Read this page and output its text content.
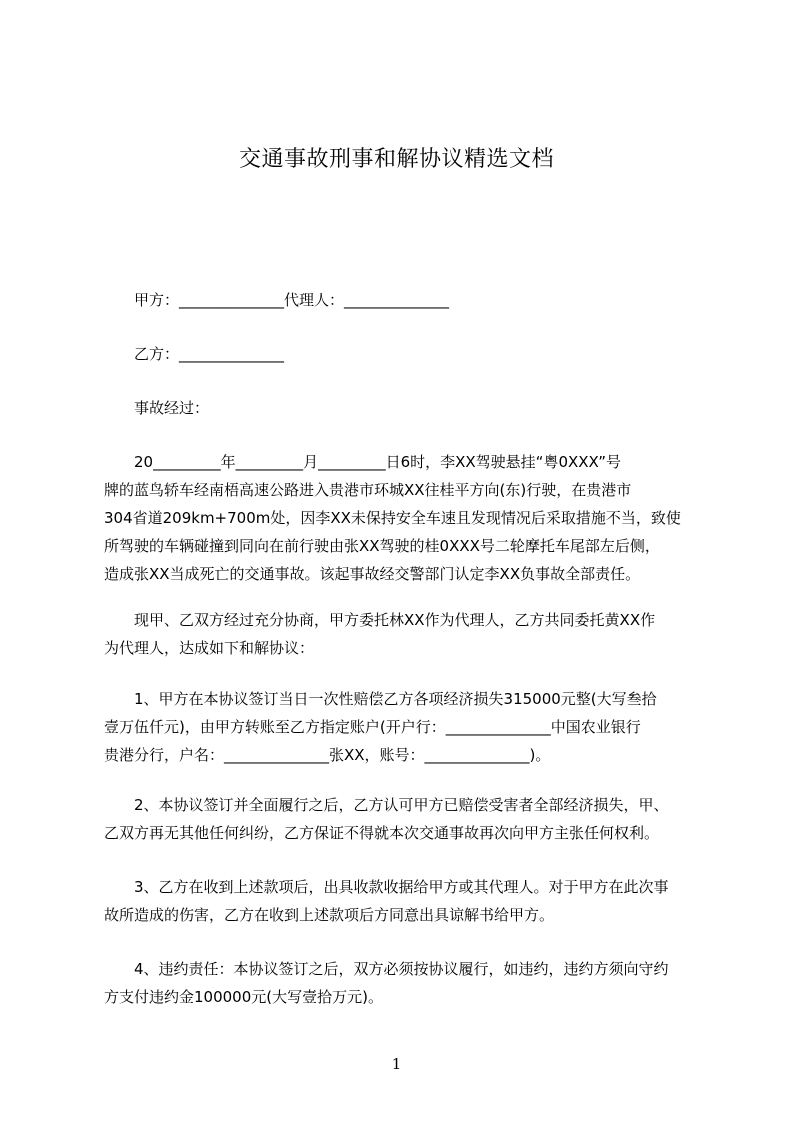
交通事故刑事和解协议精选文档

　　甲方：______________代理人：______________

　　乙方：______________

　　事故经过：

　　20_________年_________月_________日6时，李XX驾驶悬挂“粤0XXX”号
牌的蓝鸟轿车经南梧高速公路进入贵港市环城XX往桂平方向(东)行驶，在贵港市
304省道209km+700m处，因李XX未保持安全车速且发现情况后采取措施不当，致使
所驾驶的车辆碰撞到同向在前行驶由张XX驾驶的桂0XXX号二轮摩托车尾部左后侧，
造成张XX当成死亡的交通事故。该起事故经交警部门认定李XX负事故全部责任。
　　现甲、乙双方经过充分协商，甲方委托林XX作为代理人，乙方共同委托黄XX作
为代理人，达成如下和解协议：
　　1、甲方在本协议签订当日一次性赔偿乙方各项经济损失315000元整(大写叁拾
壹万伍仟元)，由甲方转账至乙方指定账户(开户行：______________中国农业银行
贵港分行，户名：______________张XX，账号：______________)。
　　2、本协议签订并全面履行之后，乙方认可甲方已赔偿受害者全部经济损失，甲、
乙双方再无其他任何纠纷，乙方保证不得就本次交通事故再次向甲方主张任何权利。
　　3、乙方在收到上述款项后，出具收款收据给甲方或其代理人。对于甲方在此次事
故所造成的伤害，乙方在收到上述款项后方同意出具谅解书给甲方。
　　4、违约责任：本协议签订之后，双方必须按协议履行，如违约，违约方须向守约
方支付违约金100000元(大写壹拾万元)。
1
